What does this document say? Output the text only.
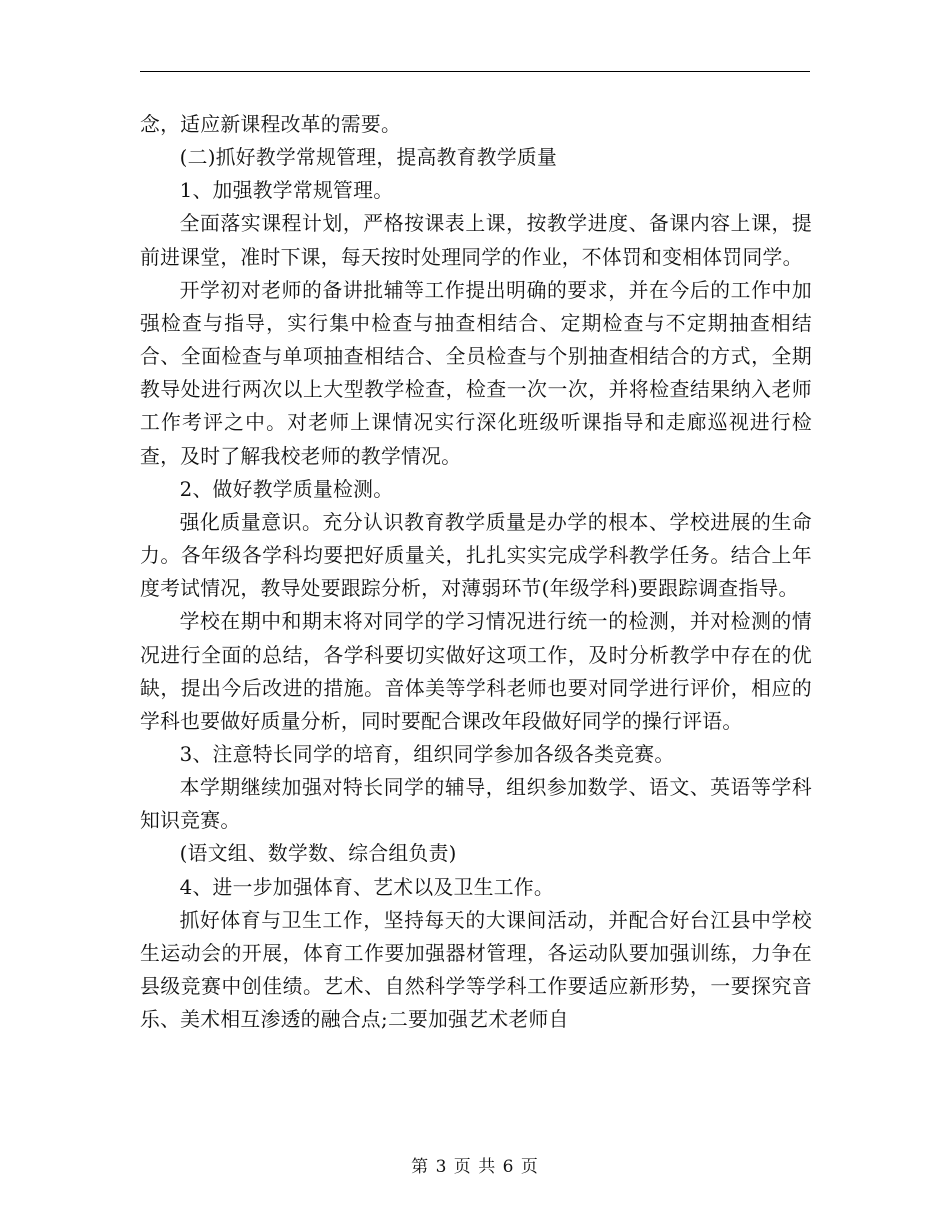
念，适应新课程改革的需要。

(二)抓好教学常规管理，提高教育教学质量

1、加强教学常规管理。

全面落实课程计划，严格按课表上课，按教学进度、备课内容上课，提前进课堂，准时下课，每天按时处理同学的作业，不体罚和变相体罚同学。

开学初对老师的备讲批辅等工作提出明确的要求，并在今后的工作中加强检查与指导，实行集中检查与抽查相结合、定期检查与不定期抽查相结合、全面检查与单项抽查相结合、全员检查与个别抽查相结合的方式，全期教导处进行两次以上大型教学检查，检查一次一次，并将检查结果纳入老师工作考评之中。对老师上课情况实行深化班级听课指导和走廊巡视进行检查，及时了解我校老师的教学情况。

2、做好教学质量检测。

强化质量意识。充分认识教育教学质量是办学的根本、学校进展的生命力。各年级各学科均要把好质量关，扎扎实实完成学科教学任务。结合上年度考试情况，教导处要跟踪分析，对薄弱环节(年级学科)要跟踪调查指导。

学校在期中和期末将对同学的学习情况进行统一的检测，并对检测的情况进行全面的总结，各学科要切实做好这项工作，及时分析教学中存在的优缺，提出今后改进的措施。音体美等学科老师也要对同学进行评价，相应的学科也要做好质量分析，同时要配合课改年段做好同学的操行评语。

3、注意特长同学的培育，组织同学参加各级各类竞赛。

本学期继续加强对特长同学的辅导，组织参加数学、语文、英语等学科知识竞赛。

(语文组、数学数、综合组负责)

4、进一步加强体育、艺术以及卫生工作。

抓好体育与卫生工作，坚持每天的大课间活动，并配合好台江县中学校生运动会的开展，体育工作要加强器材管理，各运动队要加强训练，力争在县级竞赛中创佳绩。艺术、自然科学等学科工作要适应新形势，一要探究音乐、美术相互渗透的融合点;二要加强艺术老师自

第 3 页 共 6 页
